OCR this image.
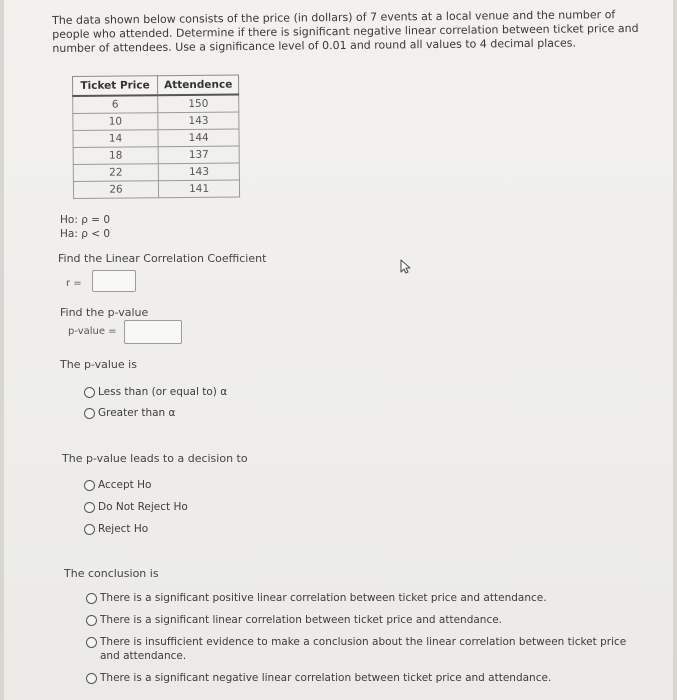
The data shown below consists of the price (in dollars) of 7 events at a local venue and the number of people who attended. Determine if there is significant negative linear correlation between ticket price and number of attendees. Use a significance level of 0.01 and round all values to 4 decimal places.
Ticket Price	Attendence
6	150
10	143
14	144
18	137
22	143
26	141
Ho: ρ = 0
Ha: ρ < 0
Find the Linear Correlation Coefficient
r =
Find the p-value
p-value =
The p-value is
Less than (or equal to) α
Greater than α
The p-value leads to a decision to
Accept Ho
Do Not Reject Ho
Reject Ho
The conclusion is
There is a significant positive linear correlation between ticket price and attendance.
There is a significant linear correlation between ticket price and attendance.
There is insufficient evidence to make a conclusion about the linear correlation between ticket price and attendance.
There is a significant negative linear correlation between ticket price and attendance.
